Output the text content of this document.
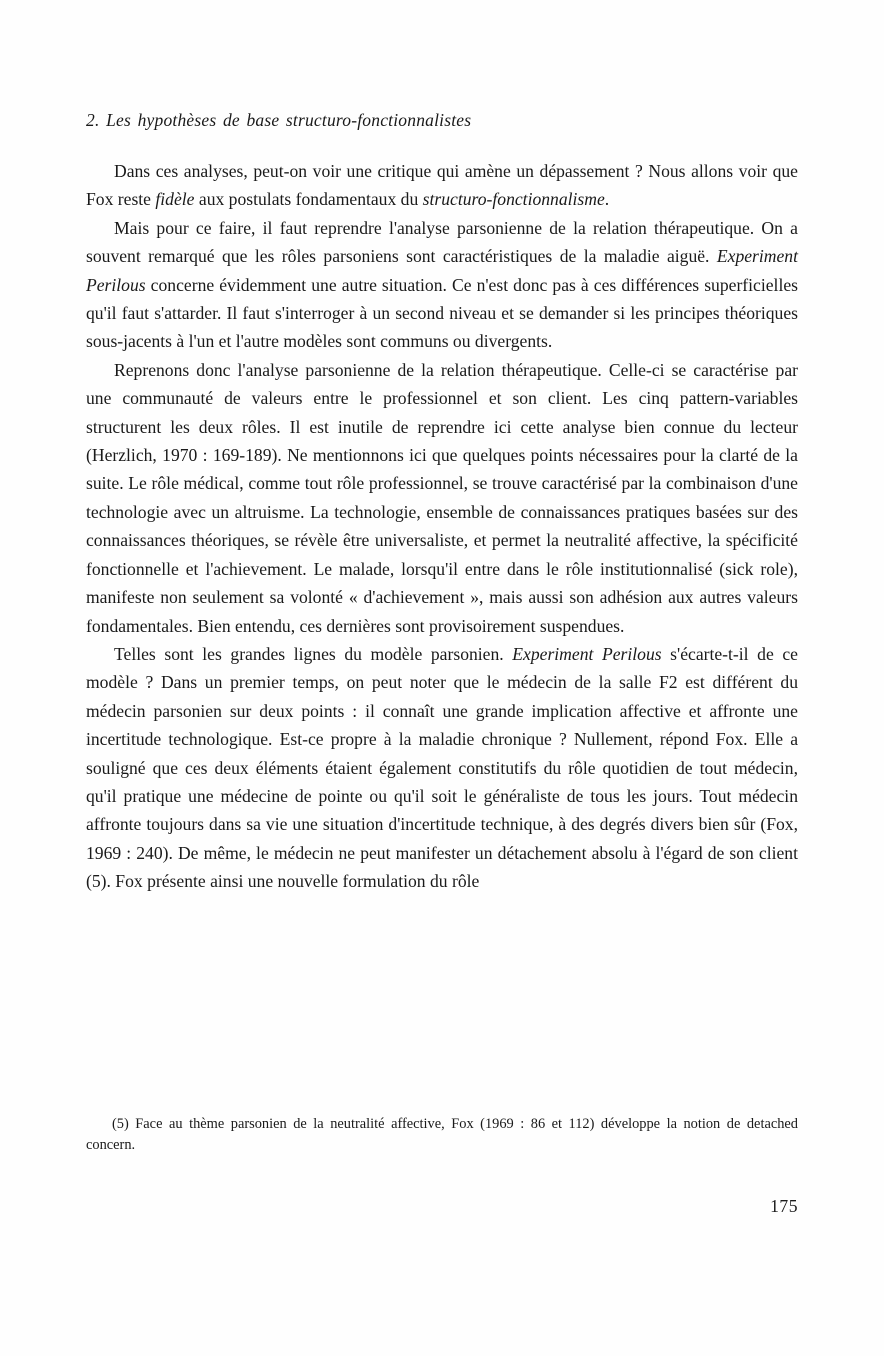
2. Les hypothèses de base structuro-fonctionnalistes

Dans ces analyses, peut-on voir une critique qui amène un dépassement ? Nous allons voir que Fox reste fidèle aux postulats fondamentaux du structuro-fonctionnalisme.

Mais pour ce faire, il faut reprendre l'analyse parsonienne de la relation thérapeutique. On a souvent remarqué que les rôles parsoniens sont caractéristiques de la maladie aiguë. Experiment Perilous concerne évidemment une autre situation. Ce n'est donc pas à ces différences superficielles qu'il faut s'attarder. Il faut s'interroger à un second niveau et se demander si les principes théoriques sous-jacents à l'un et l'autre modèles sont communs ou divergents.

Reprenons donc l'analyse parsonienne de la relation thérapeutique. Celle-ci se caractérise par une communauté de valeurs entre le professionnel et son client. Les cinq pattern-variables structurent les deux rôles. Il est inutile de reprendre ici cette analyse bien connue du lecteur (Herzlich, 1970 : 169-189). Ne mentionnons ici que quelques points nécessaires pour la clarté de la suite. Le rôle médical, comme tout rôle professionnel, se trouve caractérisé par la combinaison d'une technologie avec un altruisme. La technologie, ensemble de connaissances pratiques basées sur des connaissances théoriques, se révèle être universaliste, et permet la neutralité affective, la spécificité fonctionnelle et l'achievement. Le malade, lorsqu'il entre dans le rôle institutionnalisé (sick role), manifeste non seulement sa volonté « d'achievement », mais aussi son adhésion aux autres valeurs fondamentales. Bien entendu, ces dernières sont provisoirement suspendues.

Telles sont les grandes lignes du modèle parsonien. Experiment Perilous s'écarte-t-il de ce modèle ? Dans un premier temps, on peut noter que le médecin de la salle F2 est différent du médecin parsonien sur deux points : il connaît une grande implication affective et affronte une incertitude technologique. Est-ce propre à la maladie chronique ? Nullement, répond Fox. Elle a souligné que ces deux éléments étaient également constitutifs du rôle quotidien de tout médecin, qu'il pratique une médecine de pointe ou qu'il soit le généraliste de tous les jours. Tout médecin affronte toujours dans sa vie une situation d'incertitude technique, à des degrés divers bien sûr (Fox, 1969 : 240). De même, le médecin ne peut manifester un détachement absolu à l'égard de son client (5). Fox présente ainsi une nouvelle formulation du rôle

(5) Face au thème parsonien de la neutralité affective, Fox (1969 : 86 et 112) développe la notion de detached concern.

175
